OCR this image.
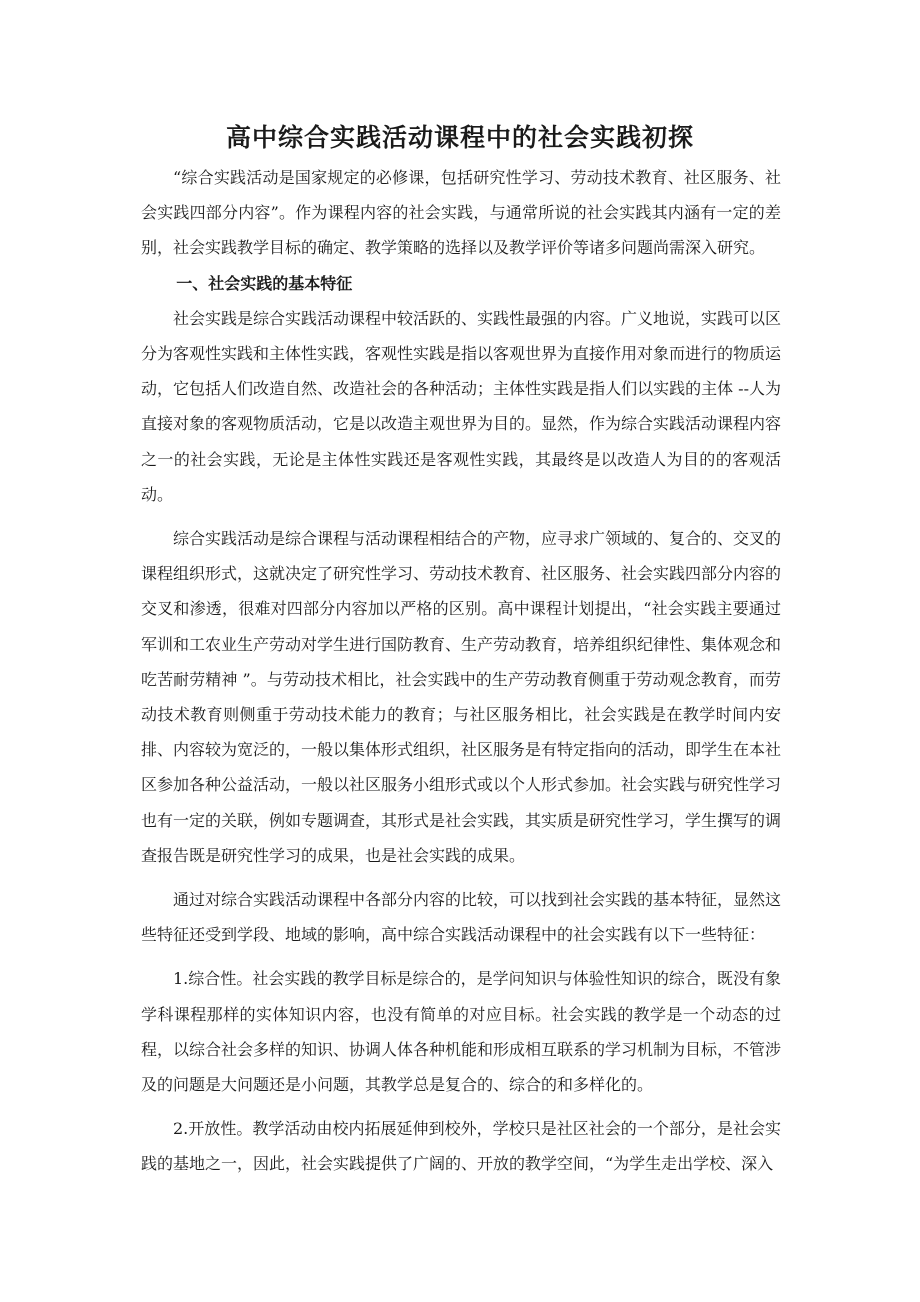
高中综合实践活动课程中的社会实践初探

“综合实践活动是国家规定的必修课，包括研究性学习、劳动技术教育、社区服务、社会实践四部分内容”。作为课程内容的社会实践，与通常所说的社会实践其内涵有一定的差别，社会实践教学目标的确定、教学策略的选择以及教学评价等诸多问题尚需深入研究。

一、社会实践的基本特征

社会实践是综合实践活动课程中较活跃的、实践性最强的内容。广义地说，实践可以区分为客观性实践和主体性实践，客观性实践是指以客观世界为直接作用对象而进行的物质运动，它包括人们改造自然、改造社会的各种活动；主体性实践是指人们以实践的主体 --人为直接对象的客观物质活动，它是以改造主观世界为目的。显然，作为综合实践活动课程内容之一的社会实践，无论是主体性实践还是客观性实践，其最终是以改造人为目的的客观活动。

综合实践活动是综合课程与活动课程相结合的产物，应寻求广领域的、复合的、交叉的课程组织形式，这就决定了研究性学习、劳动技术教育、社区服务、社会实践四部分内容的交叉和渗透，很难对四部分内容加以严格的区别。高中课程计划提出，“社会实践主要通过军训和工农业生产劳动对学生进行国防教育、生产劳动教育，培养组织纪律性、集体观念和吃苦耐劳精神 ”。与劳动技术相比，社会实践中的生产劳动教育侧重于劳动观念教育，而劳动技术教育则侧重于劳动技术能力的教育；与社区服务相比，社会实践是在教学时间内安排、内容较为宽泛的，一般以集体形式组织，社区服务是有特定指向的活动，即学生在本社区参加各种公益活动，一般以社区服务小组形式或以个人形式参加。社会实践与研究性学习也有一定的关联，例如专题调查，其形式是社会实践，其实质是研究性学习，学生撰写的调查报告既是研究性学习的成果，也是社会实践的成果。

通过对综合实践活动课程中各部分内容的比较，可以找到社会实践的基本特征，显然这些特征还受到学段、地域的影响，高中综合实践活动课程中的社会实践有以下一些特征：

1.综合性。社会实践的教学目标是综合的，是学问知识与体验性知识的综合，既没有象学科课程那样的实体知识内容，也没有简单的对应目标。社会实践的教学是一个动态的过程，以综合社会多样的知识、协调人体各种机能和形成相互联系的学习机制为目标，不管涉及的问题是大问题还是小问题，其教学总是复合的、综合的和多样化的。

2.开放性。教学活动由校内拓展延伸到校外，学校只是社区社会的一个部分，是社会实践的基地之一，因此，社会实践提供了广阔的、开放的教学空间，“为学生走出学校、深入
